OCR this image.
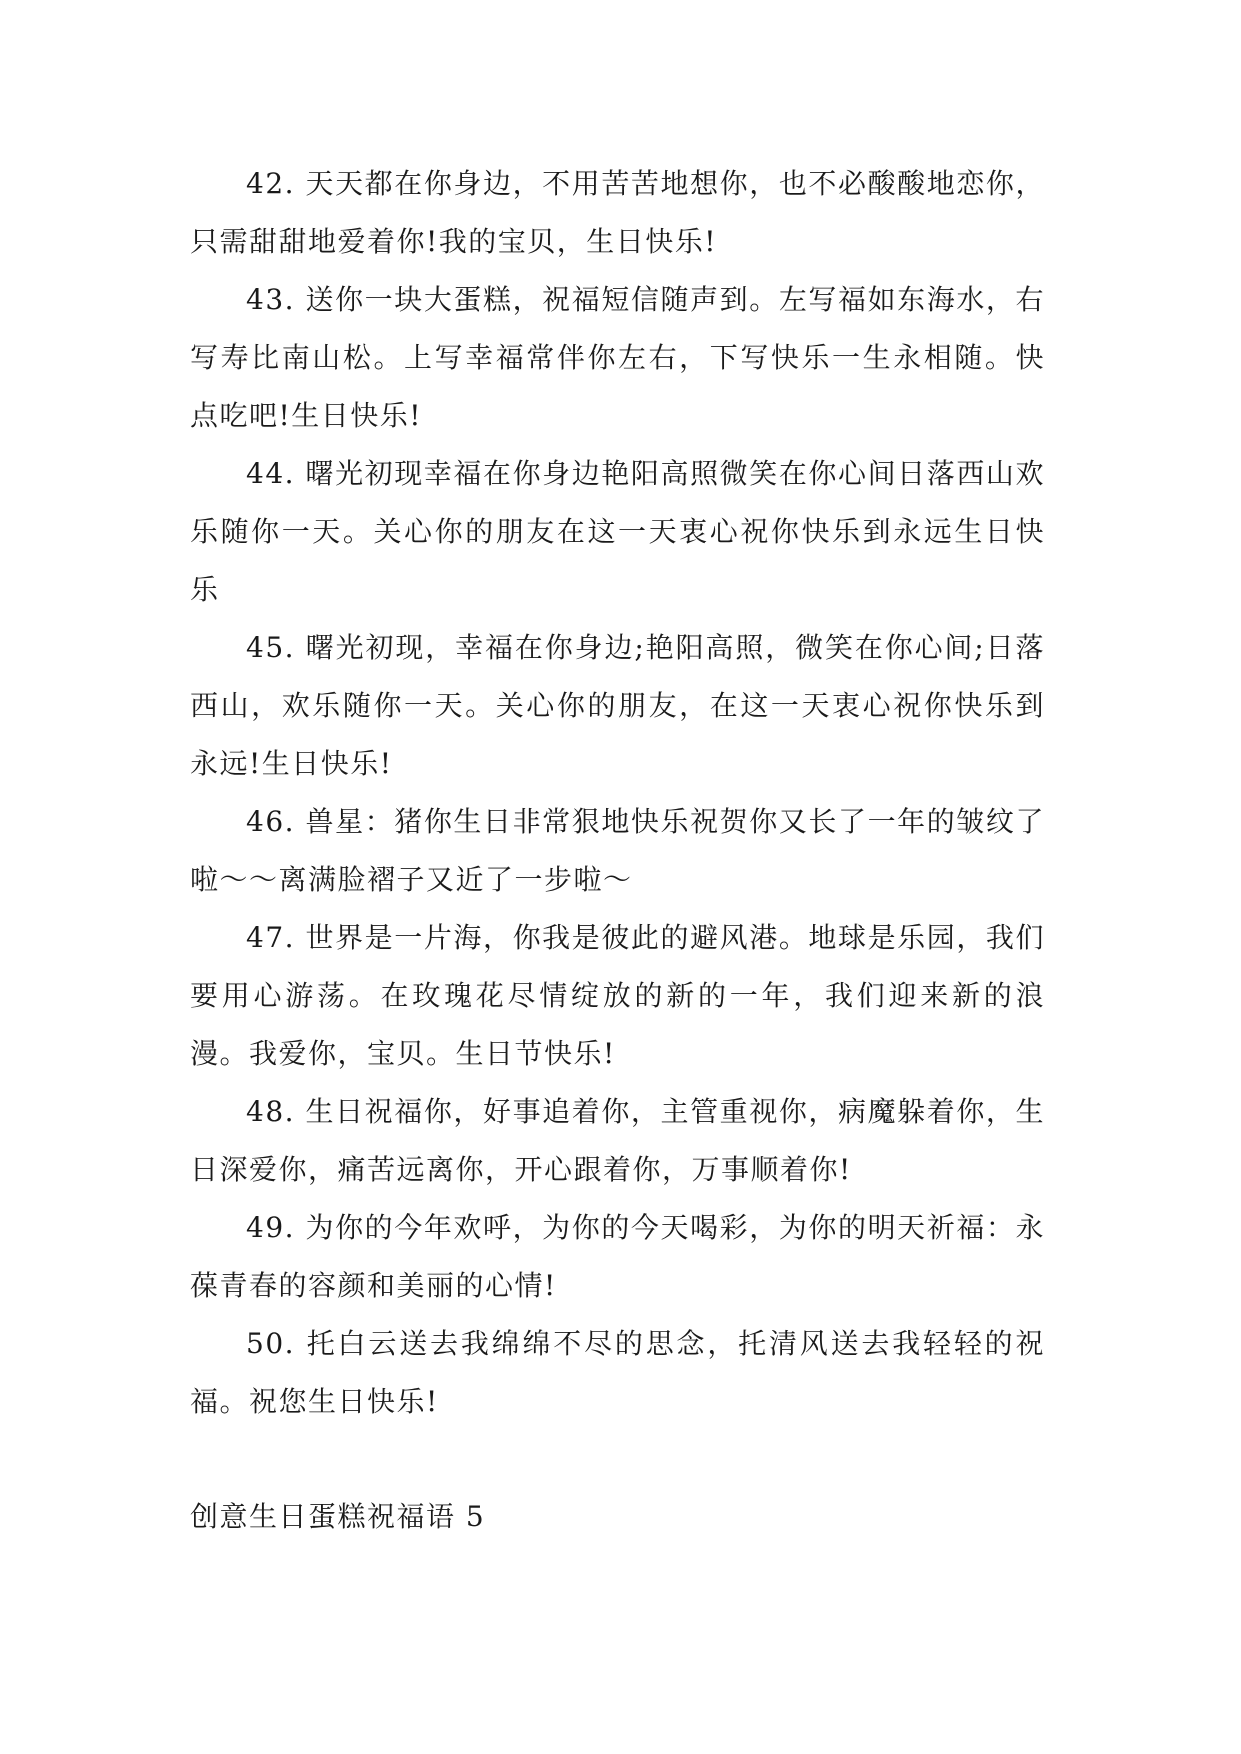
42. 天天都在你身边，不用苦苦地想你，也不必酸酸地恋你，只需甜甜地爱着你!我的宝贝，生日快乐!

43. 送你一块大蛋糕，祝福短信随声到。左写福如东海水，右写寿比南山松。上写幸福常伴你左右，下写快乐一生永相随。快点吃吧!生日快乐!

44. 曙光初现幸福在你身边艳阳高照微笑在你心间日落西山欢乐随你一天。关心你的朋友在这一天衷心祝你快乐到永远生日快乐

45. 曙光初现，幸福在你身边;艳阳高照，微笑在你心间;日落西山，欢乐随你一天。关心你的朋友，在这一天衷心祝你快乐到永远!生日快乐!

46. 兽星：猪你生日非常狠地快乐祝贺你又长了一年的皱纹了啦～～离满脸褶子又近了一步啦～

47. 世界是一片海，你我是彼此的避风港。地球是乐园，我们要用心游荡。在玫瑰花尽情绽放的新的一年，我们迎来新的浪漫。我爱你，宝贝。生日节快乐!

48. 生日祝福你，好事追着你，主管重视你，病魔躲着你，生日深爱你，痛苦远离你，开心跟着你，万事顺着你!

49. 为你的今年欢呼，为你的今天喝彩，为你的明天祈福：永葆青春的容颜和美丽的心情!

50. 托白云送去我绵绵不尽的思念，托清风送去我轻轻的祝福。祝您生日快乐!

创意生日蛋糕祝福语 5
